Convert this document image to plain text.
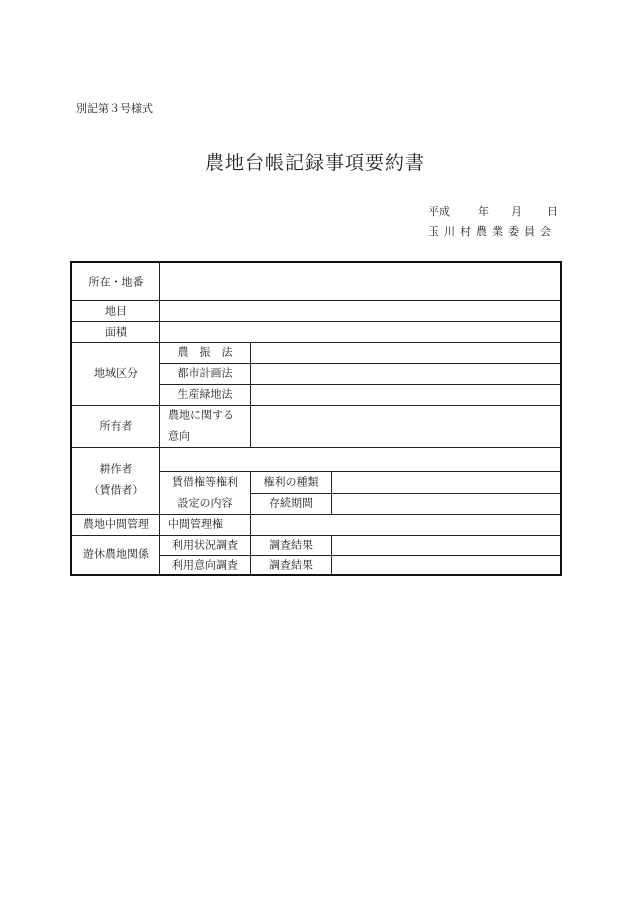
別記第３号様式
農地台帳記録事項要約書
平成	年 月 日
玉川村農業委員会
所在・地番
地目
面積
地域区分
所有者
耕作者
（賃借者）
農地中間管理
遊休農地関係
農　振　法
都市計画法
生産緑地法
農地に関する
意向
賃借権等権利
設定の内容
権利の種類
存続期間
中間管理権
利用状況調査
利用意向調査
調査結果
調査結果
